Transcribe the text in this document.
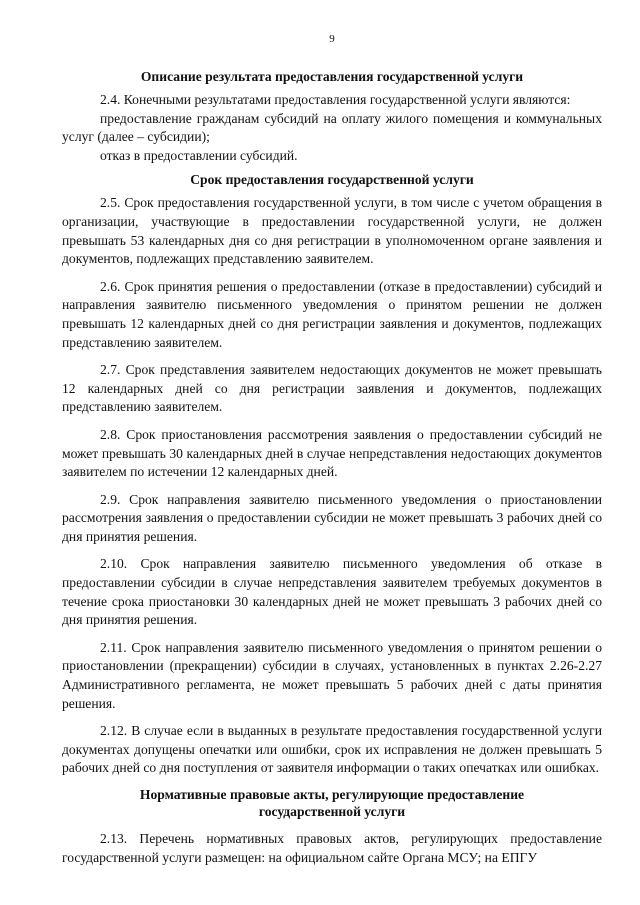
9
Описание результата предоставления государственной услуги

2.4. Конечными результатами предоставления государственной услуги являются:

предоставление гражданам субсидий на оплату жилого помещения и коммунальных услуг (далее – субсидии);

отказ в предоставлении субсидий.

Срок предоставления государственной услуги

2.5. Срок предоставления государственной услуги, в том числе с учетом обращения в организации, участвующие в предоставлении государственной услуги, не должен превышать 53 календарных дня со дня регистрации в уполномоченном органе заявления и документов, подлежащих представлению заявителем.

2.6. Срок принятия решения о предоставлении (отказе в предоставлении) субсидий и направления заявителю письменного уведомления о принятом решении не должен превышать 12 календарных дней со дня регистрации заявления и документов, подлежащих представлению заявителем.

2.7. Срок представления заявителем недостающих документов не может превышать 12 календарных дней со дня регистрации заявления и документов, подлежащих представлению заявителем.

2.8. Срок приостановления рассмотрения заявления о предоставлении субсидий не может превышать 30 календарных дней в случае непредставления недостающих документов заявителем по истечении 12 календарных дней.

2.9. Срок направления заявителю письменного уведомления о приостановлении рассмотрения заявления о предоставлении субсидии не может превышать 3 рабочих дней со дня принятия решения.

2.10. Срок направления заявителю письменного уведомления об отказе в предоставлении субсидии в случае непредставления заявителем требуемых документов в течение срока приостановки 30 календарных дней не может превышать 3 рабочих дней со дня принятия решения.

2.11. Срок направления заявителю письменного уведомления о принятом решении о приостановлении (прекращении) субсидии в случаях, установленных в пунктах 2.26-2.27 Административного регламента, не может превышать 5 рабочих дней с даты принятия решения.

2.12. В случае если в выданных в результате предоставления государственной услуги документах допущены опечатки или ошибки, срок их исправления не должен превышать 5 рабочих дней со дня поступления от заявителя информации о таких опечатках или ошибках.

Нормативные правовые акты, регулирующие предоставление
государственной услуги

2.13. Перечень нормативных правовых актов, регулирующих предоставление государственной услуги размещен: на официальном сайте Органа МСУ; на ЕПГУ
